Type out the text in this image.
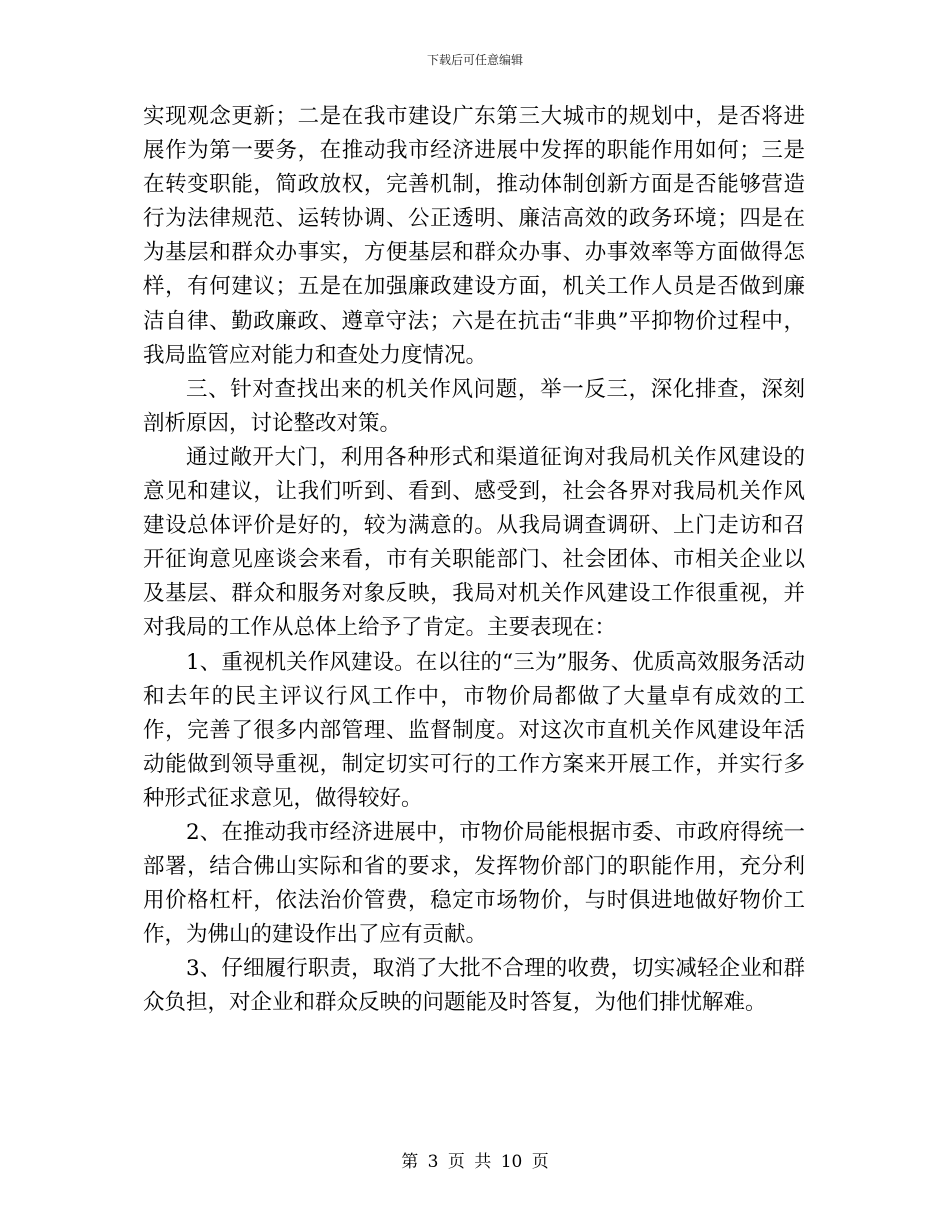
下载后可任意编辑

实现观念更新；二是在我市建设广东第三大城市的规划中，是否将进展作为第一要务，在推动我市经济进展中发挥的职能作用如何；三是在转变职能，简政放权，完善机制，推动体制创新方面是否能够营造行为法律规范、运转协调、公正透明、廉洁高效的政务环境；四是在为基层和群众办事实，方便基层和群众办事、办事效率等方面做得怎样，有何建议；五是在加强廉政建设方面，机关工作人员是否做到廉洁自律、勤政廉政、遵章守法；六是在抗击“非典”平抑物价过程中，我局监管应对能力和查处力度情况。

三、针对查找出来的机关作风问题，举一反三，深化排查，深刻剖析原因，讨论整改对策。

通过敞开大门，利用各种形式和渠道征询对我局机关作风建设的意见和建议，让我们听到、看到、感受到，社会各界对我局机关作风建设总体评价是好的，较为满意的。从我局调查调研、上门走访和召开征询意见座谈会来看，市有关职能部门、社会团体、市相关企业以及基层、群众和服务对象反映，我局对机关作风建设工作很重视，并对我局的工作从总体上给予了肯定。主要表现在：

1、重视机关作风建设。在以往的“三为”服务、优质高效服务活动和去年的民主评议行风工作中，市物价局都做了大量卓有成效的工作，完善了很多内部管理、监督制度。对这次市直机关作风建设年活动能做到领导重视，制定切实可行的工作方案来开展工作，并实行多种形式征求意见，做得较好。

2、在推动我市经济进展中，市物价局能根据市委、市政府得统一部署，结合佛山实际和省的要求，发挥物价部门的职能作用，充分利用价格杠杆，依法治价管费，稳定市场物价，与时俱进地做好物价工作，为佛山的建设作出了应有贡献。

3、仔细履行职责，取消了大批不合理的收费，切实减轻企业和群众负担，对企业和群众反映的问题能及时答复，为他们排忧解难。

第 3 页 共 10 页
